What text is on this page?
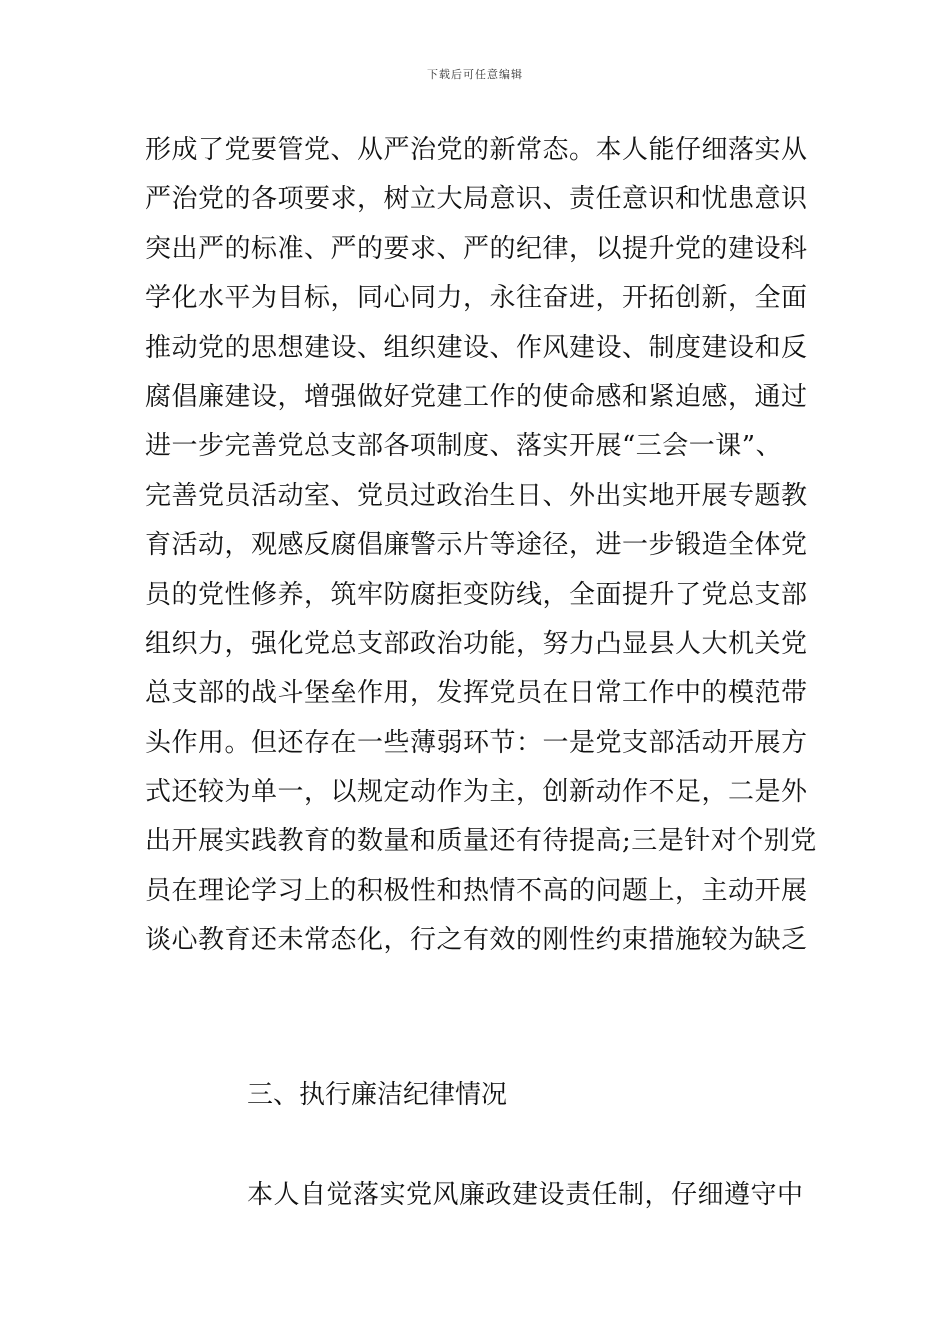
下载后可任意编辑
形成了党要管党、从严治党的新常态。本人能仔细落实从
严治党的各项要求，树立大局意识、责任意识和忧患意识
突出严的标准、严的要求、严的纪律，以提升党的建设科
学化水平为目标，同心同力，永往奋进，开拓创新，全面
推动党的思想建设、组织建设、作风建设、制度建设和反
腐倡廉建设，增强做好党建工作的使命感和紧迫感，通过
进一步完善党总支部各项制度、落实开展“三会一课”、
完善党员活动室、党员过政治生日、外出实地开展专题教
育活动，观感反腐倡廉警示片等途径，进一步锻造全体党
员的党性修养，筑牢防腐拒变防线，全面提升了党总支部
组织力，强化党总支部政治功能，努力凸显县人大机关党
总支部的战斗堡垒作用，发挥党员在日常工作中的模范带
头作用。但还存在一些薄弱环节：一是党支部活动开展方
式还较为单一，以规定动作为主，创新动作不足，二是外
出开展实践教育的数量和质量还有待提高;三是针对个别党
员在理论学习上的积极性和热情不高的问题上，主动开展
谈心教育还未常态化，行之有效的刚性约束措施较为缺乏
三、执行廉洁纪律情况
本人自觉落实党风廉政建设责任制，仔细遵守中
